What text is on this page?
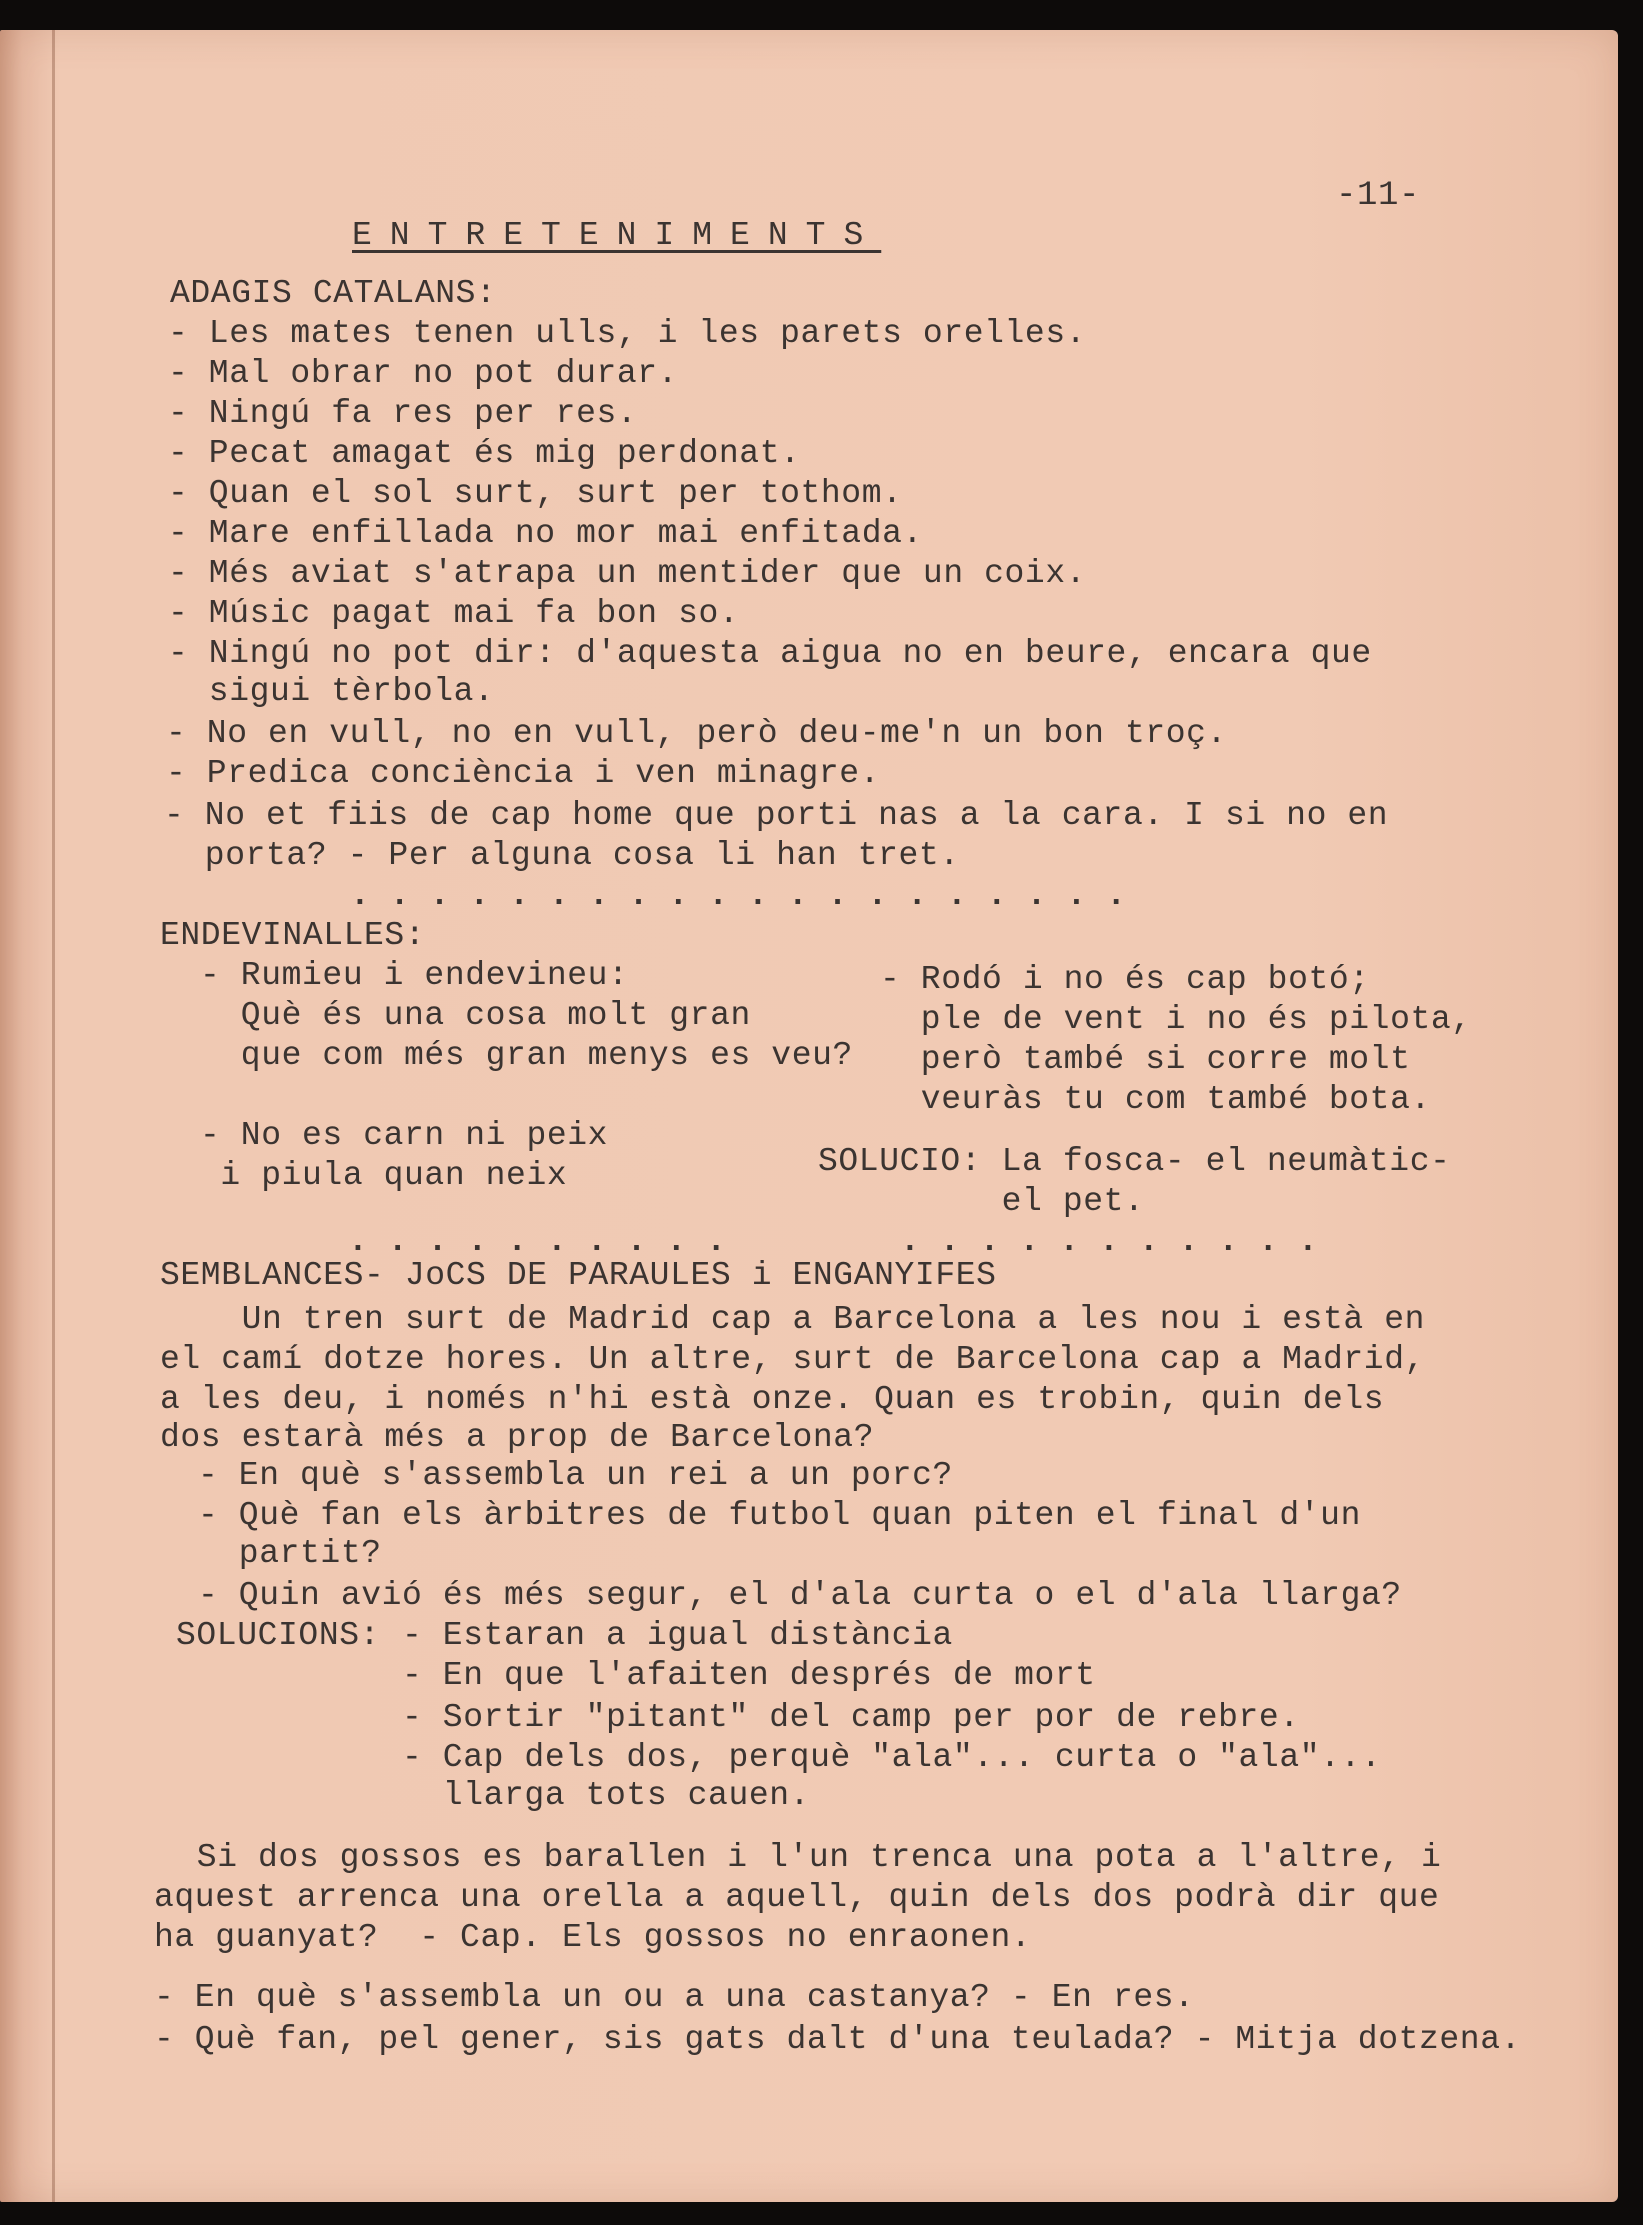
-11-
ENTRETENIMENTS
ADAGIS CATALANS:
- Les mates tenen ulls, i les parets orelles.
- Mal obrar no pot durar.
- Ningú fa res per res.
- Pecat amagat és mig perdonat.
- Quan el sol surt, surt per tothom.
- Mare enfillada no mor mai enfitada.
- Més aviat s'atrapa un mentider que un coix.
- Músic pagat mai fa bon so.
- Ningú no pot dir: d'aquesta aigua no en beure, encara que
sigui tèrbola.
- No en vull, no en vull, però deu-me'n un bon troç.
- Predica conciència i ven minagre.
- No et fiis de cap home que porti nas a la cara. I si no en
porta? - Per alguna cosa li han tret.
....................
ENDEVINALLES:
- Rumieu i endevineu:
Què és una cosa molt gran
que com més gran menys es veu?
- No es carn ni peix
i piula quan neix
- Rodó i no és cap botó;
ple de vent i no és pilota,
però també si corre molt
veuràs tu com també bota.
SOLUCIO: La fosca- el neumàtic-
el pet.
..........	...........
SEMBLANCES- JoCS DE PARAULES i ENGANYIFES
Un tren surt de Madrid cap a Barcelona a les nou i està en
el camí dotze hores. Un altre, surt de Barcelona cap a Madrid,
a les deu, i només n'hi està onze. Quan es trobin, quin dels
dos estarà més a prop de Barcelona?
- En què s'assembla un rei a un porc?
- Què fan els àrbitres de futbol quan piten el final d'un
partit?
- Quin avió és més segur, el d'ala curta o el d'ala llarga?
SOLUCIONS: - Estaran a igual distància
- En que l'afaiten després de mort
- Sortir "pitant" del camp per por de rebre.
- Cap dels dos, perquè "ala"... curta o "ala"...
llarga tots cauen.
Si dos gossos es barallen i l'un trenca una pota a l'altre, i
aquest arrenca una orella a aquell, quin dels dos podrà dir que
ha guanyat?  - Cap. Els gossos no enraonen.
- En què s'assembla un ou a una castanya? - En res.
- Què fan, pel gener, sis gats dalt d'una teulada? - Mitja dotzena.
